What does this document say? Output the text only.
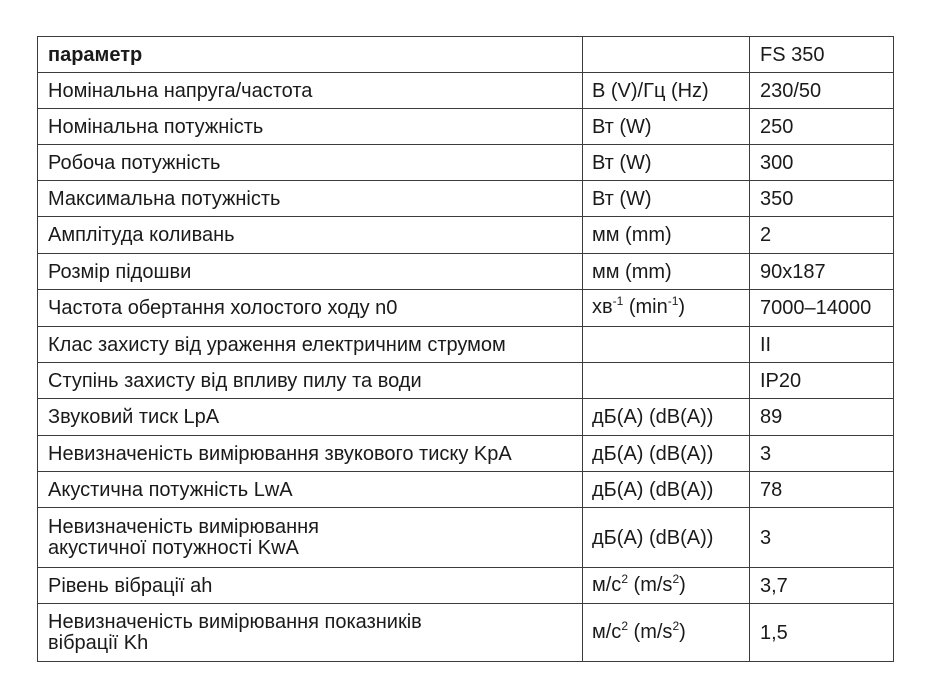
параметр		FS 350
Номінальна напруга/частота	В (V)/Гц (Hz)	230/50
Номінальна потужність	Вт (W)	250
Робоча потужність	Вт (W)	300
Максимальна потужність	Вт (W)	350
Амплітуда коливань	мм (mm)	2
Розмір підошви	мм (mm)	90x187
Частота обертання холостого ходу n0	$хв^{-1}$ $(\min^{-1})$	7000–14000
Клас захисту від ураження електричним струмом		II
Ступінь захисту від впливу пилу та води		IP20
Звуковий тиск LpA	дБ(A) (dB(A))	89
Невизначеність вимірювання звукового тиску KpA	дБ(A) (dB(A))	3
Акустична потужність LwA	дБ(A) (dB(A))	78

Невизначеність вимірювання
акустичної потужності KwA	дБ(A) (dB(A))	3
Рівень вібрації ah	$м/с^2$ $(m/s^2)$	3,7

Невизначеність вимірювання показників
вібрації Kh	$м/с^2$ $(m/s^2)$	1,5
